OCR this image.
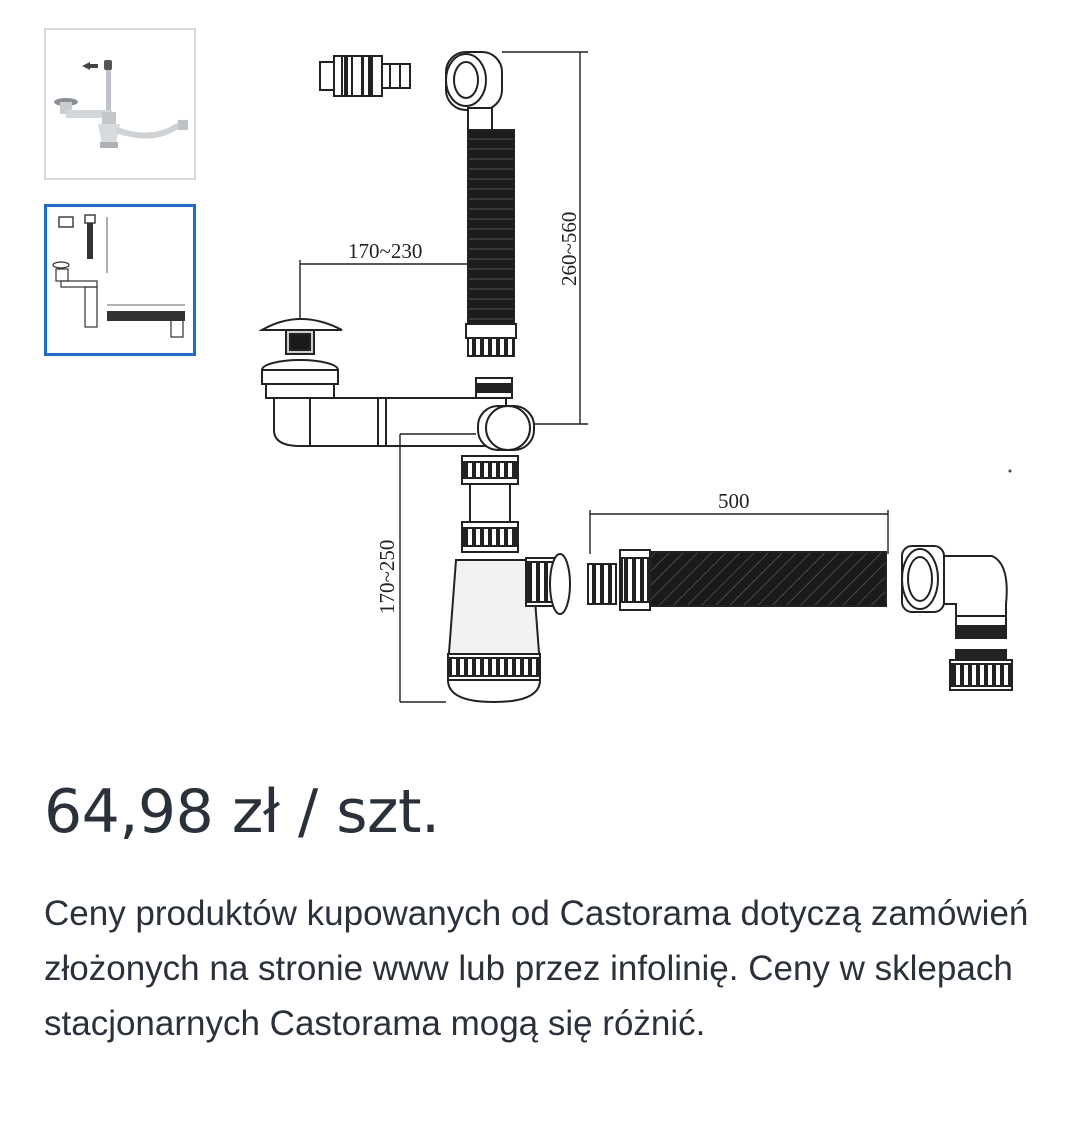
260~560
170~230
170~250
500
64,98 zł / szt.

Ceny produktów kupowanych od Castorama dotyczą zamówień złożonych na stronie www lub przez infolinię. Ceny w sklepach stacjonarnych Castorama mogą się różnić.
